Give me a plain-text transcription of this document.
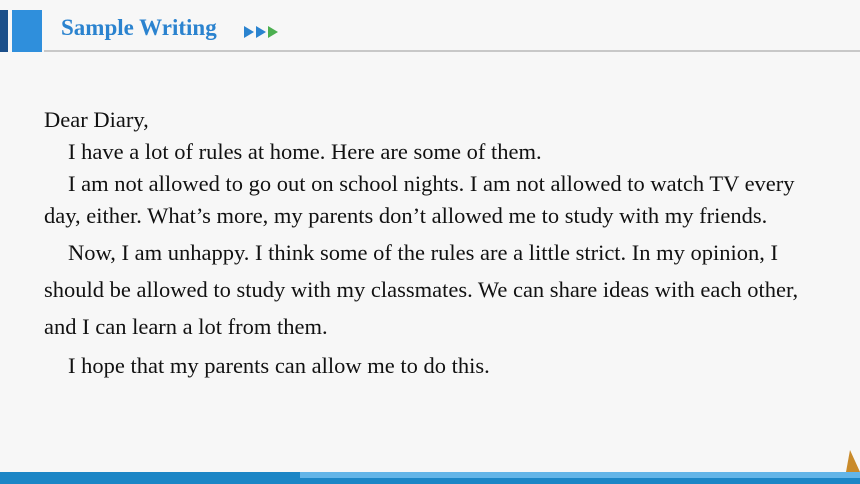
Sample Writing

Dear Diary,

I have a lot of rules at home. Here are some of them.

I am not allowed to go out on school nights. I am not allowed to watch TV every day, either. What’s more, my parents don’t allowed me to study with my friends.

Now, I am unhappy. I think some of the rules are a little strict. In my opinion, I should be allowed to study with my classmates. We can share ideas with each other, and I can learn a lot from them.

I hope that my parents can allow me to do this.
